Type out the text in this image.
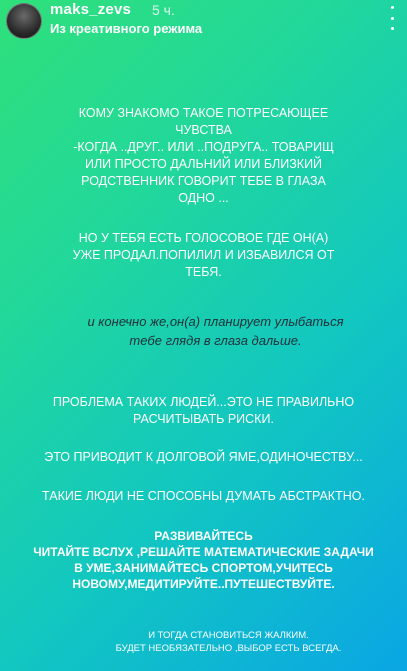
maks_zevs 5 ч.
Из креативного режима
КОМУ ЗНАКОМО ТАКОЕ ПОТРЕСАЮЩЕЕ
ЧУВСТВА
-КОГДА ..ДРУГ.. ИЛИ ..ПОДРУГА.. ТОВАРИЩ
ИЛИ ПРОСТО ДАЛЬНИЙ ИЛИ БЛИЗКИЙ
РОДСТВЕННИК ГОВОРИТ ТЕБЕ В ГЛАЗА
ОДНО ...
НО У ТЕБЯ ЕСТЬ ГОЛОСОВОЕ ГДЕ ОН(А)
УЖЕ ПРОДАЛ.ПОПИЛИЛ И ИЗБАВИЛСЯ ОТ
ТЕБЯ.
и конечно же,он(а) планирует улыбаться
тебе глядя в глаза дальше.
ПРОБЛЕМА ТАКИХ ЛЮДЕЙ...ЭТО НЕ ПРАВИЛЬНО
РАСЧИТЫВАТЬ РИСКИ.
ЭТО ПРИВОДИТ К ДОЛГОВОЙ ЯМЕ,ОДИНОЧЕСТВУ...
ТАКИЕ ЛЮДИ НЕ СПОСОБНЫ ДУМАТЬ АБСТРАКТНО.
РАЗВИВАЙТЕСЬ
ЧИТАЙТЕ ВСЛУХ ,РЕШАЙТЕ МАТЕМАТИЧЕСКИЕ ЗАДАЧИ
В УМЕ,ЗАНИМАЙТЕСЬ СПОРТОМ,УЧИТЕСЬ
НОВОМУ,МЕДИТИРУЙТЕ..ПУТЕШЕСТВУЙТЕ.
И ТОГДА СТАНОВИТЬСЯ ЖАЛКИМ.
БУДЕТ НЕОБЯЗАТЕЛЬНО ,ВЫБОР ЕСТЬ ВСЕГДА.
